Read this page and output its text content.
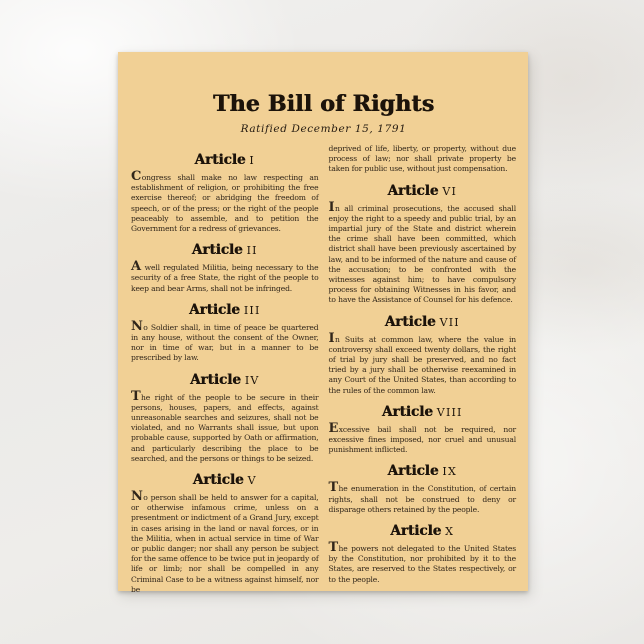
The Bill of Rights
Ratified December 15, 1791
Article I

Congress shall make no law respecting an establishment of religion, or prohibiting the free exercise thereof; or abridging the freedom of speech, or of the press; or the right of the people peaceably to assemble, and to petition the Government for a redress of grievances.

Article II

A well regulated Militia, being necessary to the security of a free State, the right of the people to keep and bear Arms, shall not be infringed.

Article III

No Soldier shall, in time of peace be quartered in any house, without the consent of the Owner, nor in time of war, but in a manner to be prescribed by law.

Article IV

The right of the people to be secure in their persons, houses, papers, and effects, against unreasonable searches and seizures, shall not be violated, and no Warrants shall issue, but upon probable cause, supported by Oath or affirmation, and particularly describing the place to be searched, and the persons or things to be seized.

Article V

No person shall be held to answer for a capital, or otherwise infamous crime, unless on a presentment or indictment of a Grand Jury, except in cases arising in the land or naval forces, or in the Militia, when in actual service in time of War or public danger; nor shall any person be subject for the same offence to be twice put in jeopardy of life or limb; nor shall be compelled in any Criminal Case to be a witness against himself, nor be

deprived of life, liberty, or property, without due process of law; nor shall private property be taken for public use, without just compensation.

Article VI

In all criminal prosecutions, the accused shall enjoy the right to a speedy and public trial, by an impartial jury of the State and district wherein the crime shall have been committed, which district shall have been previously ascertained by law, and to be informed of the nature and cause of the accusation; to be confronted with the witnesses against him; to have compulsory process for obtaining Witnesses in his favor, and to have the Assistance of Counsel for his defence.

Article VII

In Suits at common law, where the value in controversy shall exceed twenty dollars, the right of trial by jury shall be preserved, and no fact tried by a jury shall be otherwise reexamined in any Court of the United States, than according to the rules of the common law.

Article VIII

Excessive bail shall not be required, nor excessive fines imposed, nor cruel and unusual punishment inflicted.

Article IX

The enumeration in the Constitution, of certain rights, shall not be construed to deny or disparage others retained by the people.

Article X

The powers not delegated to the United States by the Constitution, nor prohibited by it to the States, are reserved to the States respectively, or to the people.
